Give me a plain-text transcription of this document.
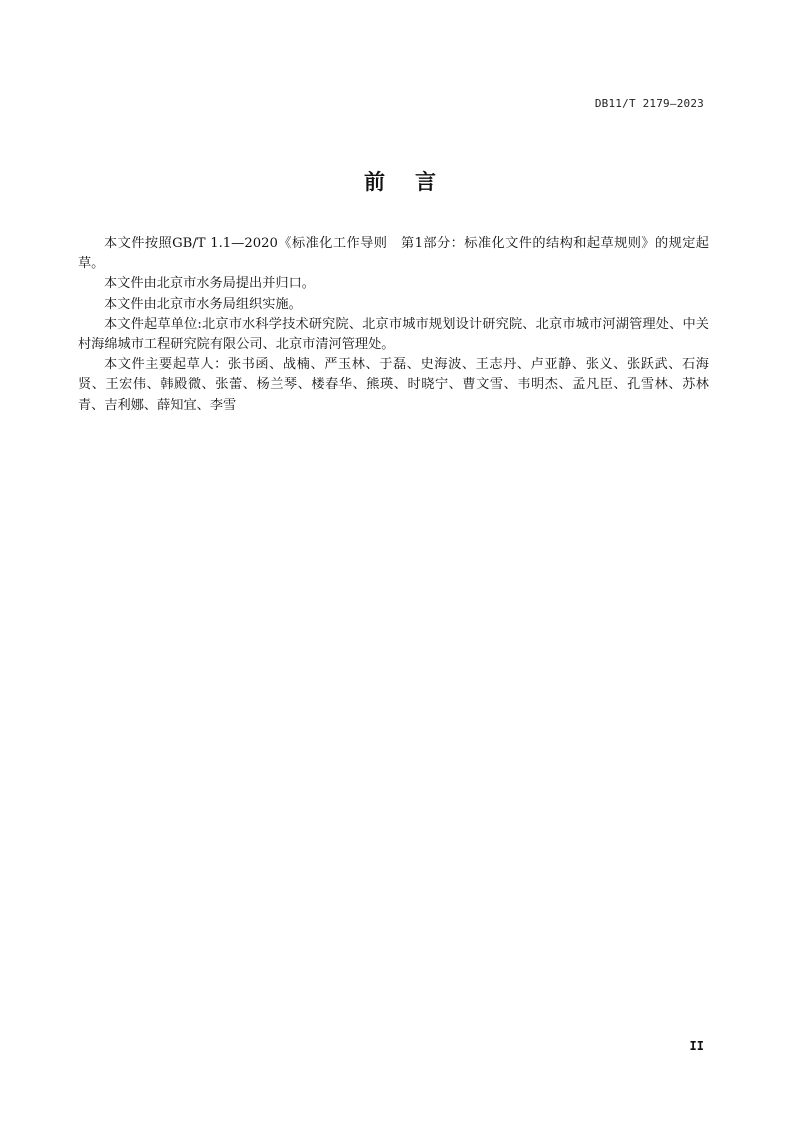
DB11/T 2179—2023
前言

本文件按照GB/T 1.1—2020《标准化工作导则　第1部分：标准化文件的结构和起草规则》的规定起草。

本文件由北京市水务局提出并归口。

本文件由北京市水务局组织实施。

本文件起草单位:北京市水科学技术研究院、北京市城市规划设计研究院、北京市城市河湖管理处、中关村海绵城市工程研究院有限公司、北京市清河管理处。

本文件主要起草人：张书函、战楠、严玉林、于磊、史海波、王志丹、卢亚静、张义、张跃武、石海贤、王宏伟、韩殿微、张蕾、杨兰琴、楼春华、熊瑛、时晓宁、曹文雪、韦明杰、孟凡臣、孔雪林、苏林青、吉利娜、薛知宜、李雪

II
